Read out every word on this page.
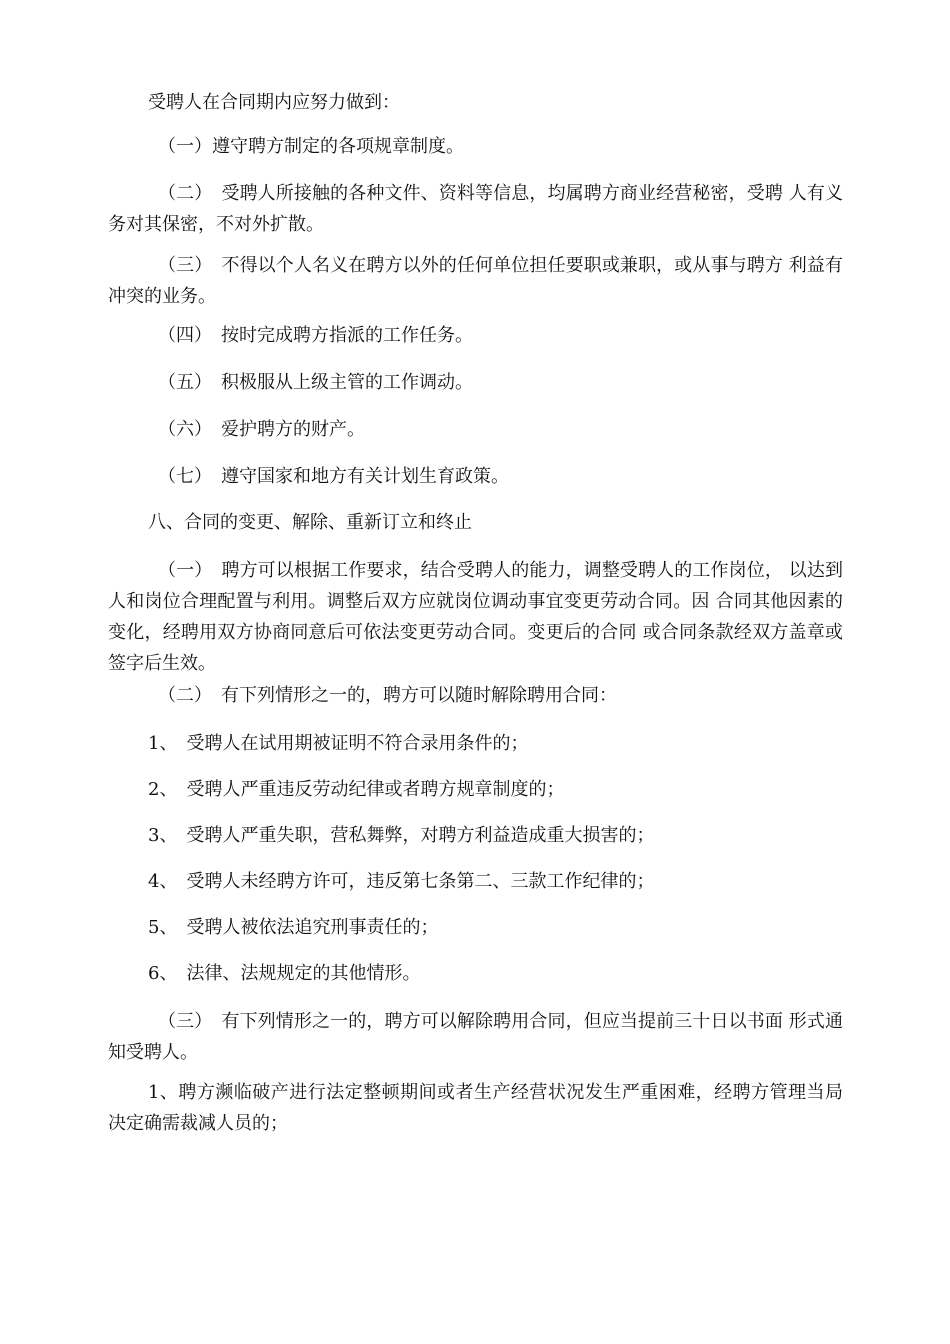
受聘人在合同期内应努力做到：

（一）遵守聘方制定的各项规章制度。

（二）　受聘人所接触的各种文件、资料等信息，均属聘方商业经营秘密，受聘 人有义务对其保密，不对外扩散。

（三）　不得以个人名义在聘方以外的任何单位担任要职或兼职，或从事与聘方 利益有冲突的业务。

（四）　按时完成聘方指派的工作任务。

（五）　积极服从上级主管的工作调动。

（六）　爱护聘方的财产。

（七）　遵守国家和地方有关计划生育政策。

八、合同的变更、解除、重新订立和终止

（一）　聘方可以根据工作要求，结合受聘人的能力，调整受聘人的工作岗位， 以达到人和岗位合理配置与利用。调整后双方应就岗位调动事宜变更劳动合同。因 合同其他因素的变化，经聘用双方协商同意后可依法变更劳动合同。变更后的合同 或合同条款经双方盖章或签字后生效。

（二）　有下列情形之一的，聘方可以随时解除聘用合同：

1、　受聘人在试用期被证明不符合录用条件的；

2、　受聘人严重违反劳动纪律或者聘方规章制度的；

3、　受聘人严重失职，营私舞弊，对聘方利益造成重大损害的；

4、　受聘人未经聘方许可，违反第七条第二、三款工作纪律的；

5、　受聘人被依法追究刑事责任的；

6、　法律、法规规定的其他情形。

（三）　有下列情形之一的，聘方可以解除聘用合同，但应当提前三十日以书面 形式通知受聘人。

1、聘方濒临破产进行法定整顿期间或者生产经营状况发生严重困难，经聘方管理当局决定确需裁减人员的；
